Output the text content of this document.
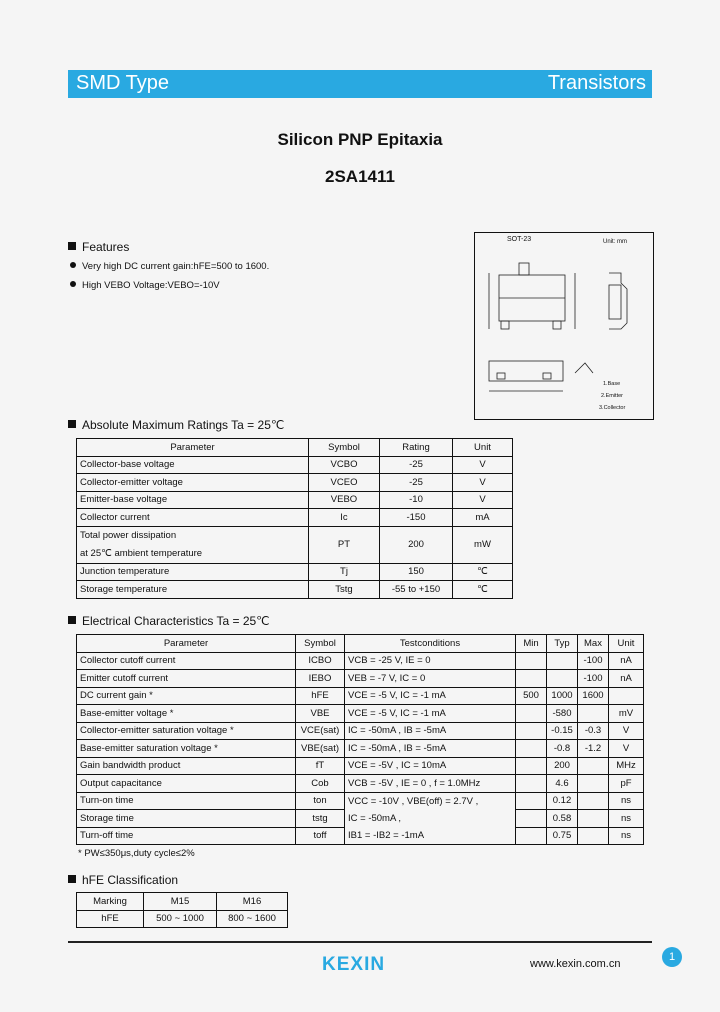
SMD Type	Transistors
Silicon PNP Epitaxia
2SA1411
Features
Very high DC current gain:hFE=500 to 1600.
High VEBO Voltage:VEBO=-10V
SOT-23	Unit: mm
1.Base
2.Emitter
3.Collector
Absolute Maximum Ratings Ta = 25℃
Parameter	Symbol	Rating	Unit
Collector-base voltage	VCBO	-25	V
Collector-emitter voltage	VCEO	-25	V
Emitter-base voltage	VEBO	-10	V
Collector current	Ic	-150	mA
Total power dissipation
at 25℃ ambient temperature	PT	200	mW
Junction temperature	Tj	150	℃
Storage temperature	Tstg	-55 to +150	℃
Electrical Characteristics Ta = 25℃
Parameter	Symbol	Testconditions	Min	Typ	Max	Unit
Collector cutoff current	ICBO	VCB = -25 V, IE = 0			-100	nA
Emitter cutoff current	IEBO	VEB = -7 V, IC = 0			-100	nA
DC current gain *	hFE	VCE = -5 V, IC = -1 mA	500	1000	1600	
Base-emitter voltage *	VBE	VCE = -5 V, IC = -1 mA		-580		mV
Collector-emitter saturation voltage *	VCE(sat)	IC = -50mA , IB = -5mA		-0.15	-0.3	V
Base-emitter saturation voltage *	VBE(sat)	IC = -50mA , IB = -5mA		-0.8	-1.2	V
Gain bandwidth product	fT	VCE = -5V , IC = 10mA		200		MHz
Output capacitance	Cob	VCB = -5V , IE = 0 , f = 1.0MHz		4.6		pF
Turn-on time	ton	VCC = -10V , VBE(off) = 2.7V ,		0.12		ns
Storage time	tstg	IC = -50mA ,		0.58		ns
Turn-off time	toff	IB1 = -IB2 = -1mA		0.75		ns
* PW≤350μs,duty cycle≤2%
hFE Classification
Marking	M15	M16
hFE	500 ~ 1000	800 ~ 1600
1
KEXIN	www.kexin.com.cn
